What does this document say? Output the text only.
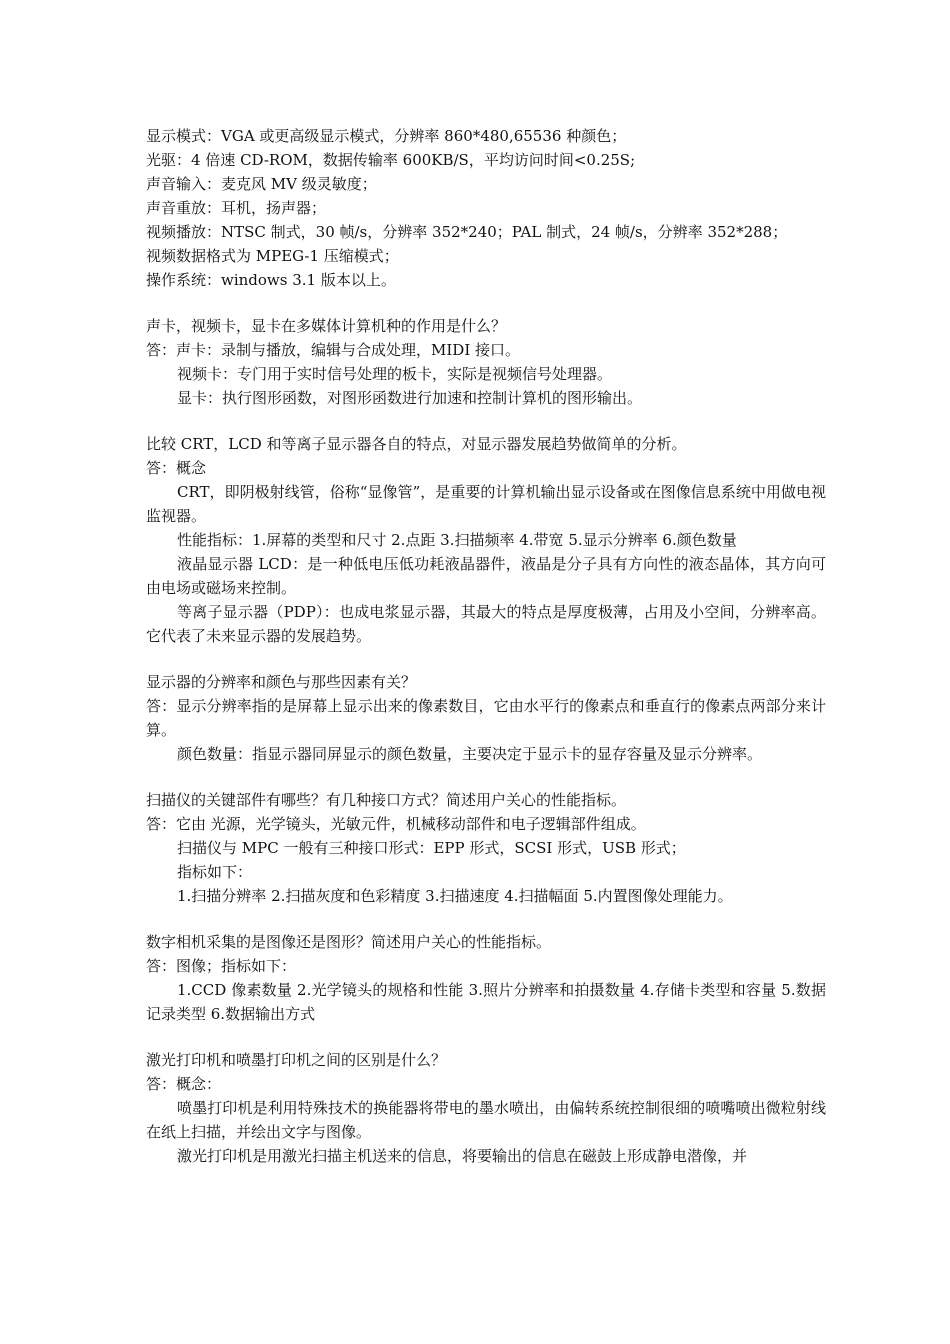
显示模式：VGA 或更高级显示模式，分辨率 860*480,65536 种颜色；
光驱：4 倍速 CD-ROM，数据传输率 600KB/S，平均访问时间<0.25S;
声音输入：麦克风 MV 级灵敏度；
声音重放：耳机，扬声器；
视频播放：NTSC 制式，30 帧/s，分辨率 352*240；PAL 制式，24 帧/s，分辨率 352*288；
视频数据格式为 MPEG-1 压缩模式；
操作系统：windows 3.1 版本以上。
声卡，视频卡，显卡在多媒体计算机种的作用是什么？
答：声卡：录制与播放，编辑与合成处理，MIDI 接口。
视频卡：专门用于实时信号处理的板卡，实际是视频信号处理器。
显卡：执行图形函数，对图形函数进行加速和控制计算机的图形输出。
比较 CRT，LCD 和等离子显示器各自的特点，对显示器发展趋势做简单的分析。
答：概念
CRT，即阴极射线管，俗称“显像管”，是重要的计算机输出显示设备或在图像信息系统中用做电视监视器。
性能指标：1.屏幕的类型和尺寸 2.点距 3.扫描频率 4.带宽 5.显示分辨率 6.颜色数量
液晶显示器 LCD：是一种低电压低功耗液晶器件，液晶是分子具有方向性的液态晶体，其方向可由电场或磁场来控制。
等离子显示器（PDP）：也成电浆显示器，其最大的特点是厚度极薄，占用及小空间，分辨率高。它代表了未来显示器的发展趋势。
显示器的分辨率和颜色与那些因素有关？
答：显示分辨率指的是屏幕上显示出来的像素数目，它由水平行的像素点和垂直行的像素点两部分来计算。
颜色数量：指显示器同屏显示的颜色数量，主要决定于显示卡的显存容量及显示分辨率。
扫描仪的关键部件有哪些？有几种接口方式？简述用户关心的性能指标。
答：它由 光源，光学镜头，光敏元件，机械移动部件和电子逻辑部件组成。
扫描仪与 MPC 一般有三种接口形式：EPP 形式，SCSI 形式，USB 形式；
指标如下：
1.扫描分辨率 2.扫描灰度和色彩精度 3.扫描速度 4.扫描幅面 5.内置图像处理能力。
数字相机采集的是图像还是图形？简述用户关心的性能指标。
答：图像；指标如下：
1.CCD 像素数量 2.光学镜头的规格和性能 3.照片分辨率和拍摄数量 4.存储卡类型和容量 5.数据记录类型 6.数据输出方式
激光打印机和喷墨打印机之间的区别是什么？
答：概念：
喷墨打印机是利用特殊技术的换能器将带电的墨水喷出，由偏转系统控制很细的喷嘴喷出微粒射线在纸上扫描，并绘出文字与图像。
激光打印机是用激光扫描主机送来的信息，将要输出的信息在磁鼓上形成静电潜像，并
